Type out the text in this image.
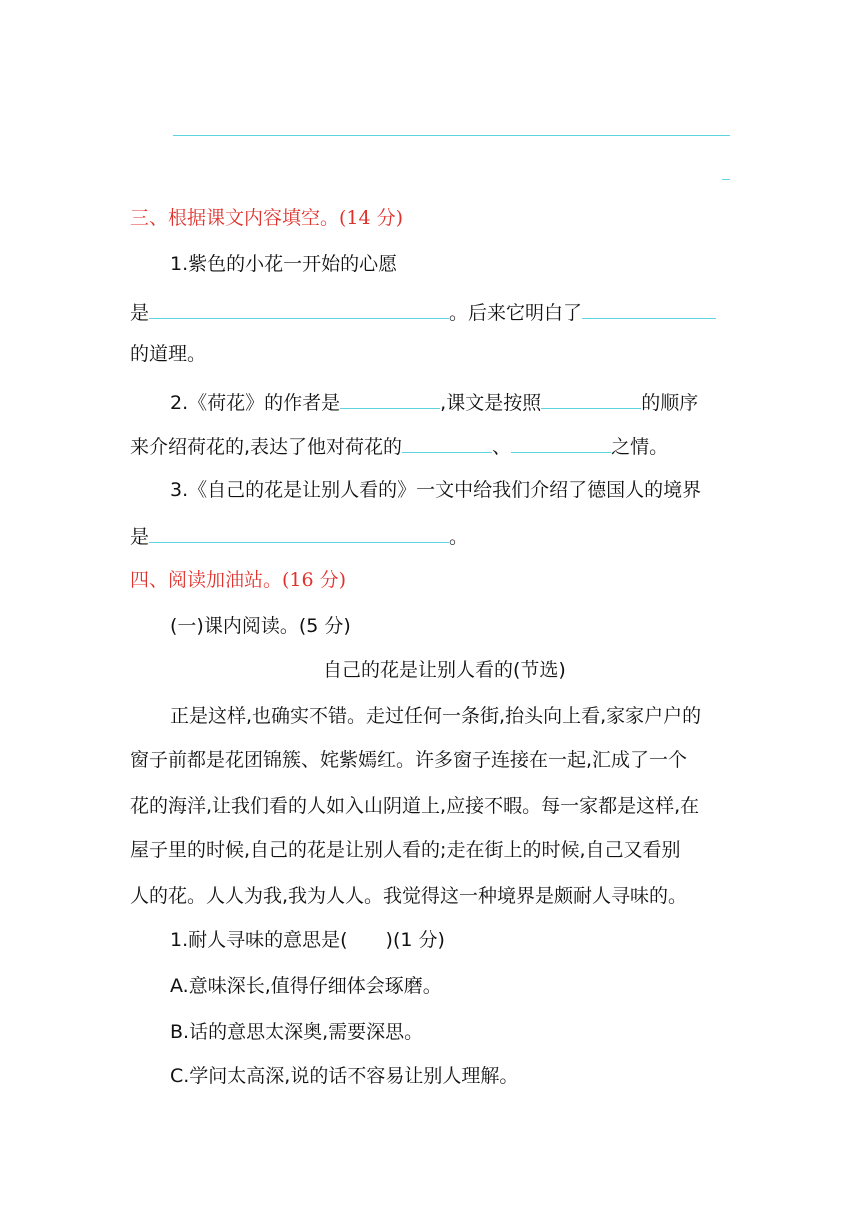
三、根据课文内容填空。(14 分)
1.紫色的小花一开始的心愿
是	。后来它明白了
的道理。
2.《荷花》的作者是	,课文是按照	的顺序
来介绍荷花的,表达了他对荷花的	、	之情。
3.《自己的花是让别人看的》一文中给我们介绍了德国人的境界
是	。
四、阅读加油站。(16 分)
(一)课内阅读。(5 分)
自己的花是让别人看的(节选)
正是这样,也确实不错。走过任何一条街,抬头向上看,家家户户的
窗子前都是花团锦簇、姹紫嫣红。许多窗子连接在一起,汇成了一个
花的海洋,让我们看的人如入山阴道上,应接不暇。每一家都是这样,在
屋子里的时候,自己的花是让别人看的;走在街上的时候,自己又看别
人的花。人人为我,我为人人。我觉得这一种境界是颇耐人寻味的。
1.耐人寻味的意思是(　　)(1 分)
A.意味深长,值得仔细体会琢磨。
B.话的意思太深奥,需要深思。
C.学问太高深,说的话不容易让别人理解。
